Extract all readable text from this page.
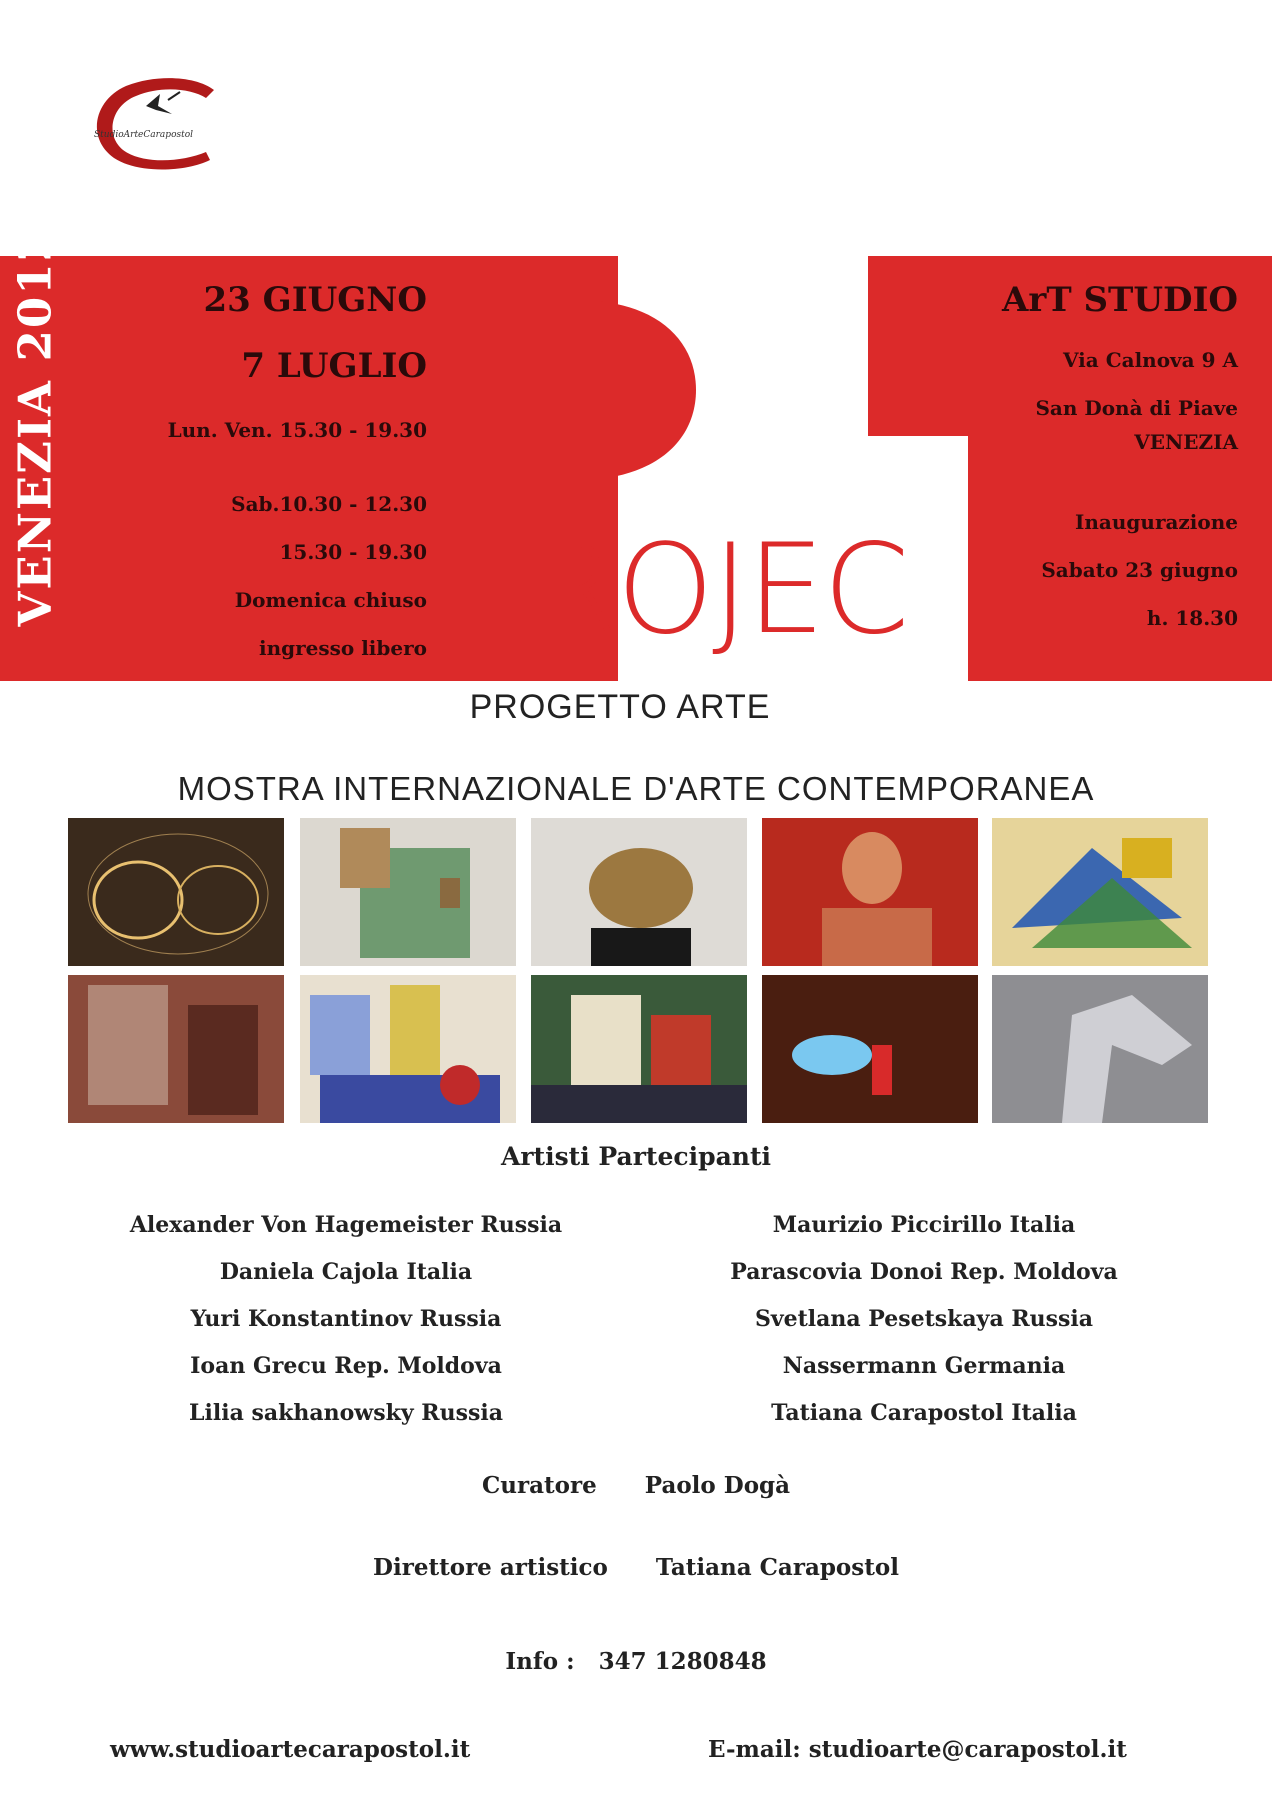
StudioArteCarapostol
VENEZIA 2012	23 GIUGNO
7 LUGLIO
Lun. Ven. 15.30 - 19.30
Sab.10.30 - 12.30
15.30 - 19.30
Domenica chiuso
ingresso libero
ArT STUDIO
Via Calnova 9 A
San Donà di Piave
VENEZIA
Inaugurazione
Sabato 23 giugno
h. 18.30
ROJEC
PROGETTO ARTE
MOSTRA INTERNAZIONALE D'ARTE CONTEMPORANEA
Artisti Partecipanti
Alexander Von Hagemeister Russia
Daniela Cajola Italia
Yuri Konstantinov Russia
Ioan Grecu Rep. Moldova
Lilia sakhanowsky Russia
Maurizio Piccirillo Italia
Parascovia Donoi Rep. Moldova
Svetlana Pesetskaya Russia
Nassermann Germania
Tatiana Carapostol Italia
Curatore      Paolo Dogà
Direttore artistico      Tatiana Carapostol
Info :   347 1280848
www.studioartecarapostol.it	E-mail: studioarte@carapostol.it
